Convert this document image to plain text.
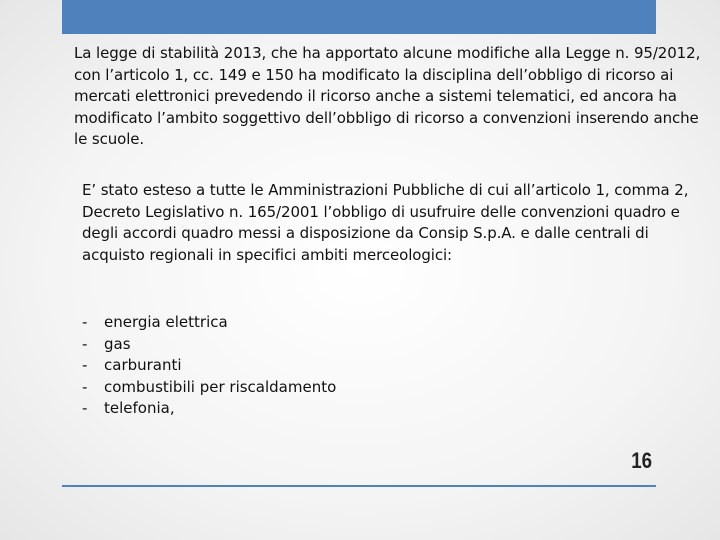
La legge di stabilità 2013, che ha apportato alcune modifiche alla Legge n. 95/2012, con l’articolo 1, cc. 149 e 150 ha modificato la disciplina dell’obbligo di ricorso ai mercati elettronici prevedendo il ricorso anche a sistemi telematici, ed ancora ha modificato l’ambito soggettivo dell’obbligo di ricorso a convenzioni inserendo anche le scuole.

E’ stato esteso a tutte le Amministrazioni Pubbliche di cui all’articolo 1, comma 2, Decreto Legislativo n. 165/2001 l’obbligo di usufruire delle convenzioni quadro e degli accordi quadro messi a disposizione da Consip S.p.A. e dalle centrali di acquisto regionali in specifici ambiti merceologici:

-	energia elettrica
-	gas
-	carburanti
-	combustibili per riscaldamento
-	telefonia,
16
